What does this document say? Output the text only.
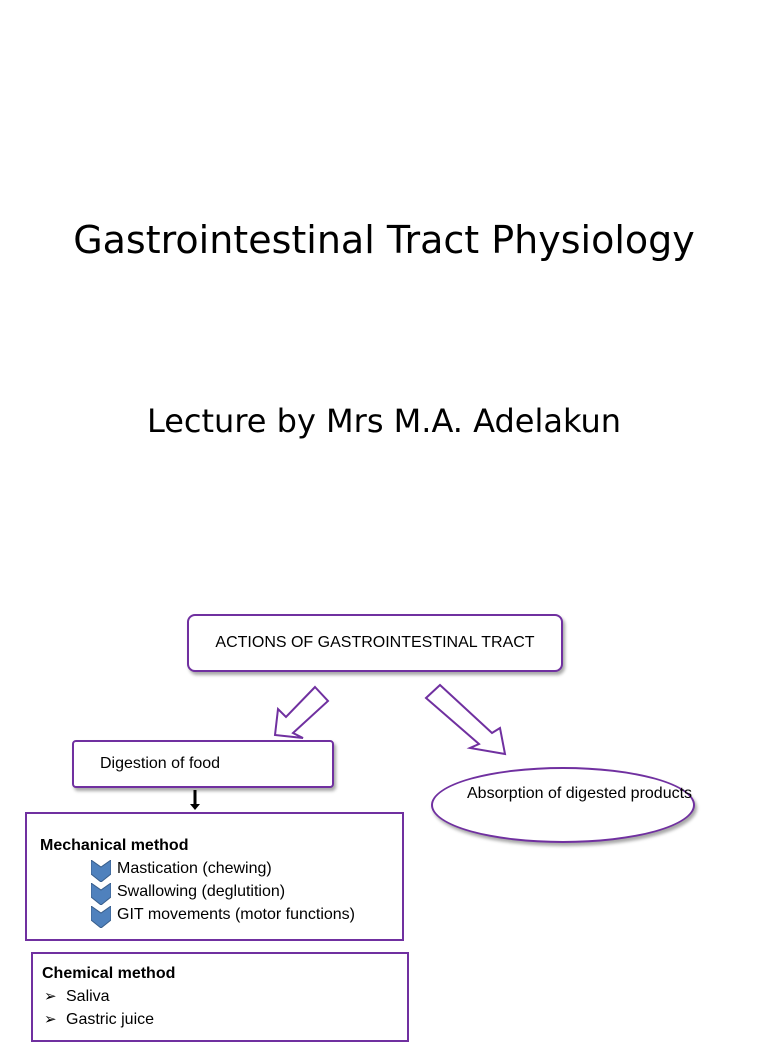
Gastrointestinal Tract Physiology
Lecture by Mrs M.A. Adelakun
ACTIONS OF GASTROINTESTINAL TRACT
Digestion of food
Absorption of digested products
Mechanical method
Mastication (chewing)
Swallowing (deglutition)
GIT movements (motor functions)
Chemical method
➢ Saliva
➢ Gastric juice
